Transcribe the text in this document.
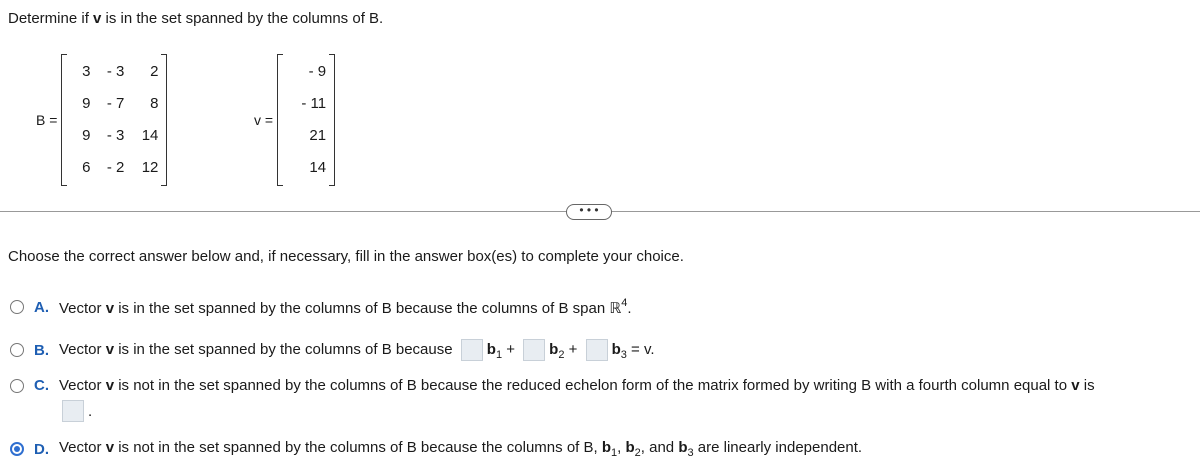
Determine if v is in the set spanned by the columns of B.
B =
3	- 3	2
9	- 7	8
9	- 3	14
6	- 2	12
v =
- 9
- 11
21
14
• • •
Choose the correct answer below and, if necessary, fill in the answer box(es) to complete your choice.
A. Vector v is in the set spanned by the columns of B because the columns of B span ℝ$^4$.
B. Vector v is in the set spanned by the columns of B because $b_1 + b_2 + b_3 = v$.
C. Vector v is not in the set spanned by the columns of B because the reduced echelon form of the matrix formed by writing B with a fourth column equal to v is
.
D. Vector v is not in the set spanned by the columns of B because the columns of B, $b_1$, $b_2$, and $b_3$ are linearly independent.
